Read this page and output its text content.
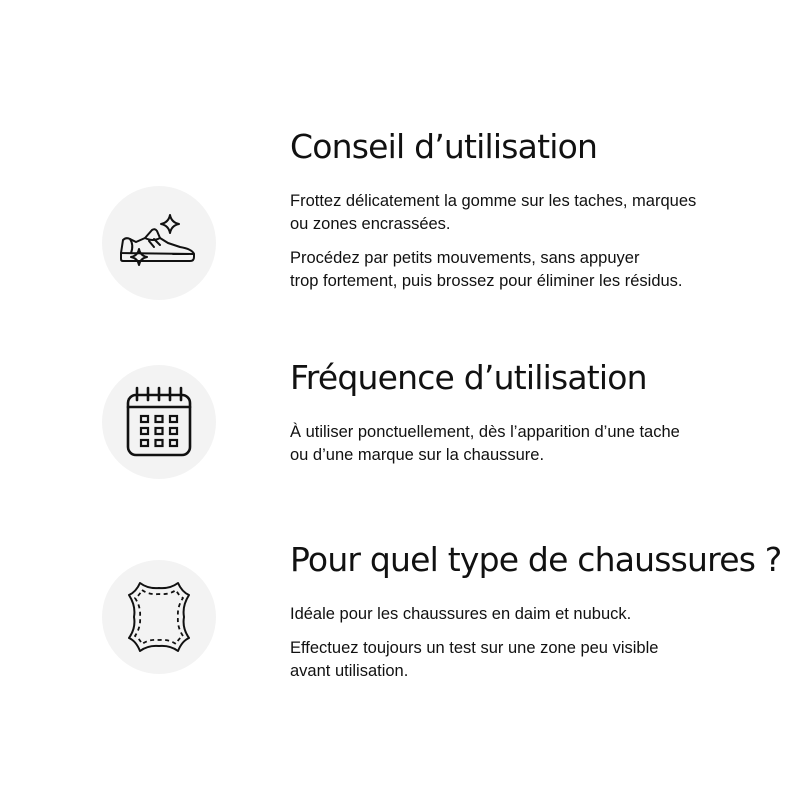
Conseil d’utilisation

Frottez délicatement la gomme sur les taches, marques
ou zones encrassées.

Procédez par petits mouvements, sans appuyer
trop fortement, puis brossez pour éliminer les résidus.

Fréquence d’utilisation

À utiliser ponctuellement, dès l’apparition d’une tache
ou d’une marque sur la chaussure.

Pour quel type de chaussures ?

Idéale pour les chaussures en daim et nubuck.

Effectuez toujours un test sur une zone peu visible
avant utilisation.
